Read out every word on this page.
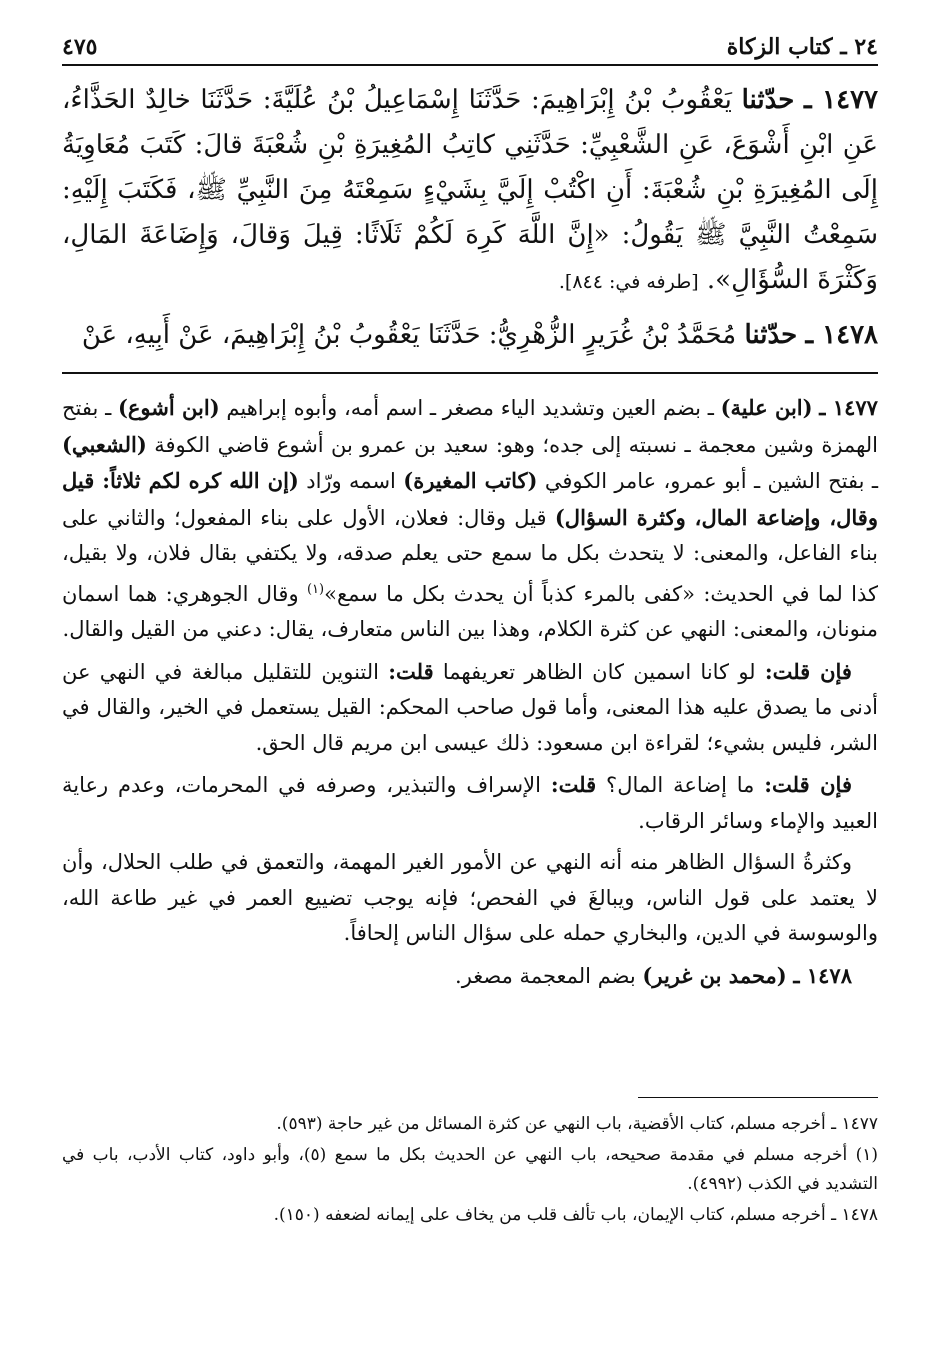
٢٤ ـ كتاب الزكاة
٤٧٥

١٤٧٧ ـ حدّثنا يَعْقُوبُ بْنُ إِبْرَاهِيمَ: حَدَّثَنَا إِسْمَاعِيلُ بْنُ عُلَيَّةَ: حَدَّثَنَا خالِدٌ الحَذَّاءُ، عَنِ ابْنِ أَشْوَعَ، عَنِ الشَّعْبِيِّ: حَدَّثَنِي كاتِبُ المُغِيرَةِ بْنِ شُعْبَةَ قالَ: كَتَبَ مُعَاوِيَةُ إِلَى المُغِيرَةِ بْنِ شُعْبَةَ: أَنِ اكْتُبْ إِلَيَّ بِشَيْءٍ سَمِعْتَهُ مِنَ النَّبِيِّ ﷺ، فَكَتَبَ إِلَيْهِ: سَمِعْتُ النَّبِيَّ ﷺ يَقُولُ: «إِنَّ اللَّهَ كَرِهَ لَكُمْ ثَلَاثًا: قِيلَ وَقالَ، وَإِضَاعَةَ المَالِ، وَكَثْرَةَ السُّؤَالِ». [طرفه في: ٨٤٤].

١٤٧٨ ـ حدّثنا مُحَمَّدُ بْنُ غُرَيرٍ الزُّهْرِيُّ: حَدَّثَنَا يَعْقُوبُ بْنُ إِبْرَاهِيمَ، عَنْ أَبِيهِ، عَنْ

١٤٧٧ ـ (ابن علية) ـ بضم العين وتشديد الياء مصغر ـ اسم أمه، وأبوه إبراهيم (ابن أشوع) ـ بفتح الهمزة وشين معجمة ـ نسبته إلى جده؛ وهو: سعيد بن عمرو بن أشوع قاضي الكوفة (الشعبي) ـ بفتح الشين ـ أبو عمرو، عامر الكوفي (كاتب المغيرة) اسمه ورّاد (إن الله كره لكم ثلاثاً: قيل وقال، وإضاعة المال، وكثرة السؤال) قيل وقال: فعلان، الأول على بناء المفعول؛ والثاني على بناء الفاعل، والمعنى: لا يتحدث بكل ما سمع حتى يعلم صدقه، ولا يكتفي بقال فلان، ولا بقيل، كذا لما في الحديث: «كفى بالمرء كذباً أن يحدث بكل ما سمع»$^{(١)}$ وقال الجوهري: هما اسمان منونان، والمعنى: النهي عن كثرة الكلام، وهذا بين الناس متعارف، يقال: دعني من القيل والقال.

فإن قلت: لو كانا اسمين كان الظاهر تعريفهما قلت: التنوين للتقليل مبالغة في النهي عن أدنى ما يصدق عليه هذا المعنى، وأما قول صاحب المحكم: القيل يستعمل في الخير، والقال في الشر، فليس بشيء؛ لقراءة ابن مسعود: ذلك عيسى ابن مريم قال الحق.

فإن قلت: ما إضاعة المال؟ قلت: الإسراف والتبذير، وصرفه في المحرمات، وعدم رعاية العبيد والإماء وسائر الرقاب.

وكثرةُ السؤال الظاهر منه أنه النهي عن الأمور الغير المهمة، والتعمق في طلب الحلال، وأن لا يعتمد على قول الناس، ويبالغَ في الفحص؛ فإنه يوجب تضييع العمر في غير طاعة الله، والوسوسة في الدين، والبخاري حمله على سؤال الناس إلحافاً.

١٤٧٨ ـ (محمد بن غرير) بضم المعجمة مصغر.

١٤٧٧ ـ أخرجه مسلم، كتاب الأقضية، باب النهي عن كثرة المسائل من غير حاجة (٥٩٣).

(١) أخرجه مسلم في مقدمة صحيحه، باب النهي عن الحديث بكل ما سمع (٥)، وأبو داود، كتاب الأدب، باب في التشديد في الكذب (٤٩٩٢).

١٤٧٨ ـ أخرجه مسلم، كتاب الإيمان، باب تألف قلب من يخاف على إيمانه لضعفه (١٥٠).
